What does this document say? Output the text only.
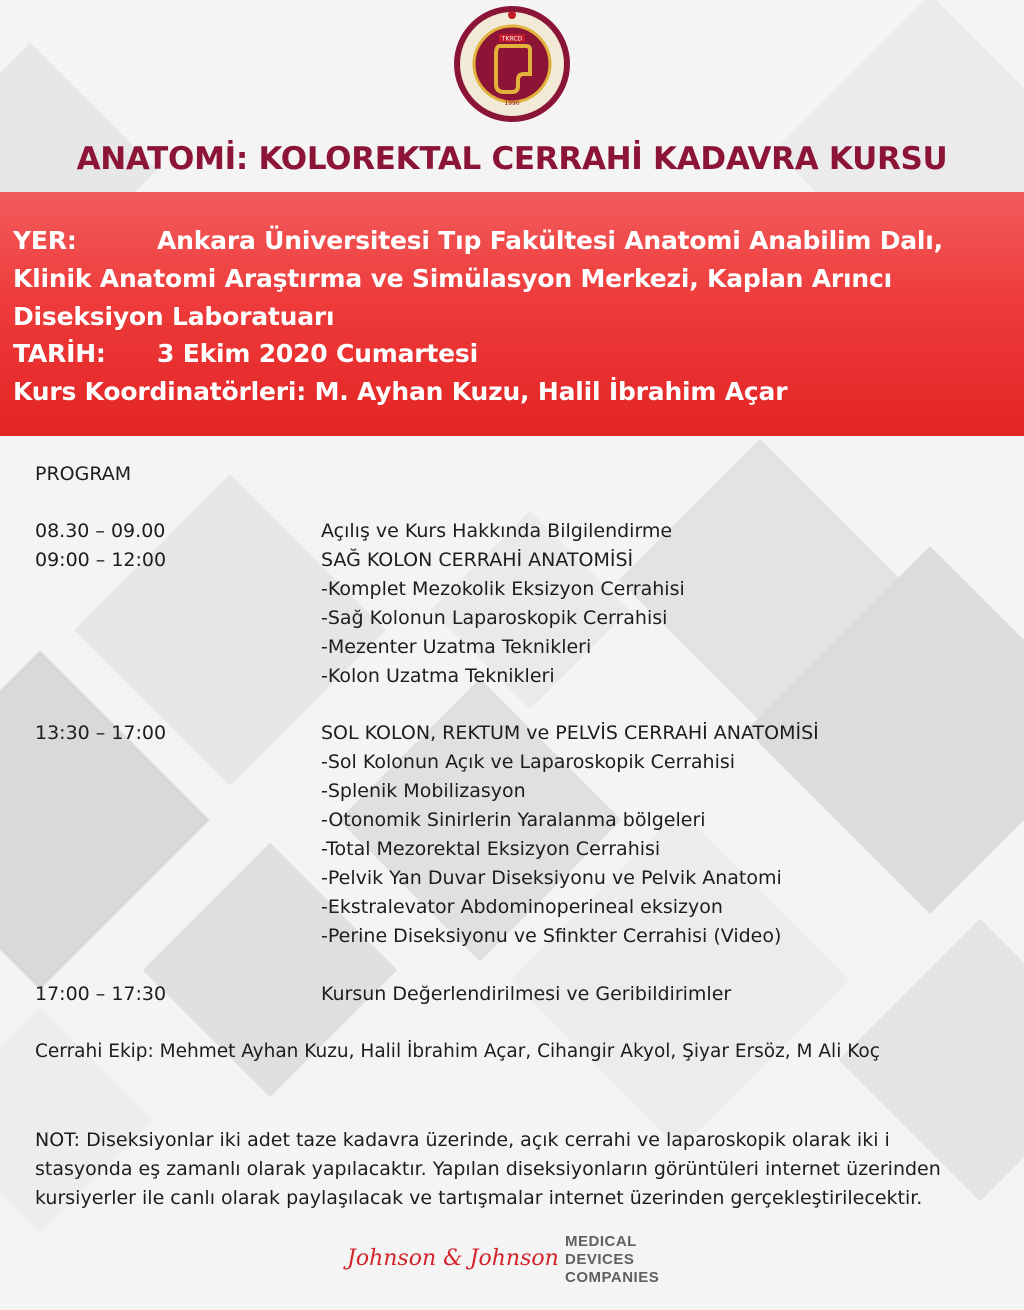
TKRCD
1990
ANATOMİ: KOLOREKTAL CERRAHİ KADAVRA KURSU
YER:	Ankara Üniversitesi Tıp Fakültesi Anatomi Anabilim Dalı,
Klinik Anatomi Araştırma ve Simülasyon Merkezi, Kaplan Arıncı
Diseksiyon Laboratuarı
TARİH: 3 Ekim 2020 Cumartesi
Kurs Koordinatörleri: M. Ayhan Kuzu, Halil İbrahim Açar
PROGRAM
08.30 – 09.00	Açılış ve Kurs Hakkında Bilgilendirme
09:00 – 12:00	SAĞ KOLON CERRAHİ ANATOMİSİ
-Komplet Mezokolik Eksizyon Cerrahisi
-Sağ Kolonun Laparoskopik Cerrahisi
-Mezenter Uzatma Teknikleri
-Kolon Uzatma Teknikleri
13:30 – 17:00	SOL KOLON, REKTUM ve PELVİS CERRAHİ ANATOMİSİ
-Sol Kolonun Açık ve Laparoskopik Cerrahisi
-Splenik Mobilizasyon
-Otonomik Sinirlerin Yaralanma bölgeleri
-Total Mezorektal Eksizyon Cerrahisi
-Pelvik Yan Duvar Diseksiyonu ve Pelvik Anatomi
-Ekstralevator Abdominoperineal eksizyon
-Perine Diseksiyonu ve Sfinkter Cerrahisi (Video)
17:00 – 17:30	Kursun Değerlendirilmesi ve Geribildirimler
Cerrahi Ekip: Mehmet Ayhan Kuzu, Halil İbrahim Açar, Cihangir Akyol, Şiyar Ersöz, M Ali Koç
NOT: Diseksiyonlar iki adet taze kadavra üzerinde, açık cerrahi ve laparoskopik olarak iki i stasyonda eş zamanlı olarak yapılacaktır. Yapılan diseksiyonların görüntüleri internet üzerinden kursiyerler ile canlı olarak paylaşılacak ve tartışmalar internet üzerinden gerçekleştirilecektir.
Johnson & Johnson
MEDICAL
DEVICES
COMPANIES
